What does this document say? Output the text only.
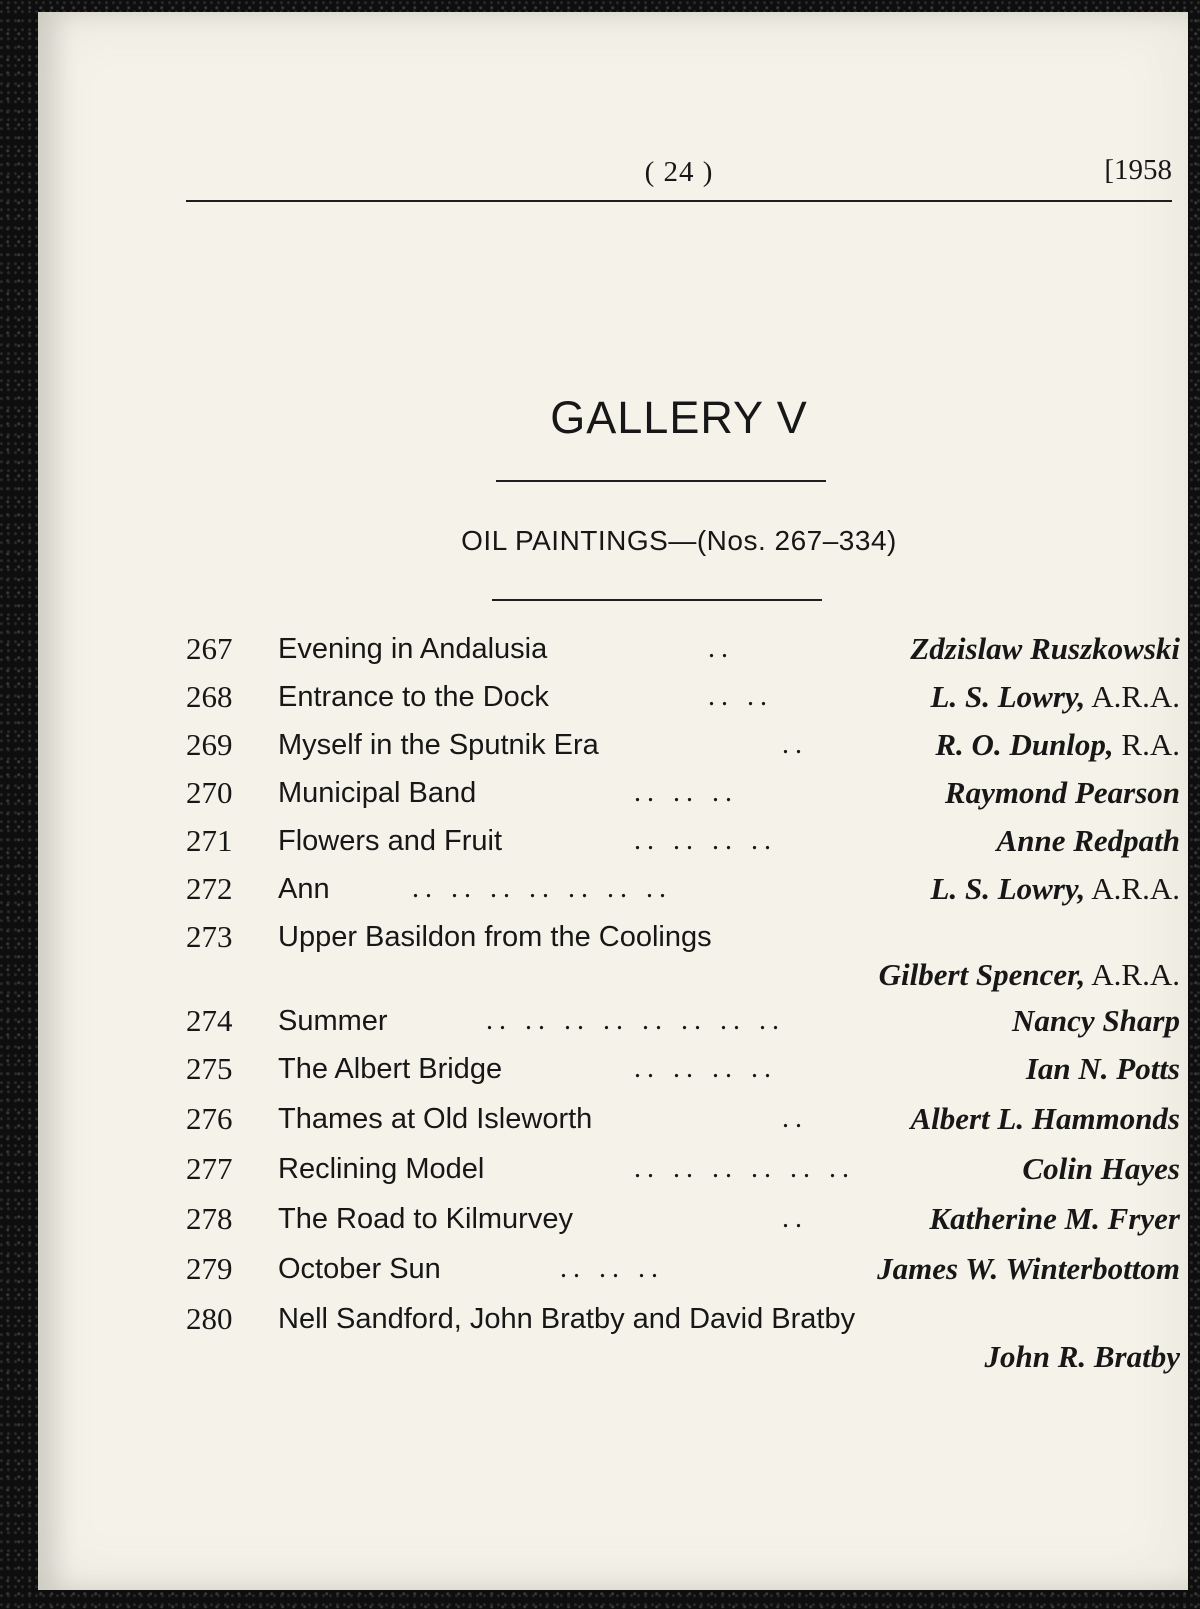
( 24 )	[1958
GALLERY V
OIL PAINTINGS—(Nos. 267–334)
267	Evening in Andalusia	..	Zdzislaw Ruszkowski
268	Entrance to the Dock	.. ..	L. S. Lowry, A.R.A.
269	Myself in the Sputnik Era	..	R. O. Dunlop, R.A.
270	Municipal Band	.. .. ..	Raymond Pearson
271	Flowers and Fruit	.. .. .. ..	Anne Redpath
272	Ann	.. .. .. .. .. .. ..	L. S. Lowry, A.R.A.
273	Upper Basildon from the Coolings
Gilbert Spencer, A.R.A.
274	Summer	.. .. .. .. .. .. .. ..	Nancy Sharp
275	The Albert Bridge	.. .. .. ..	Ian N. Potts
276	Thames at Old Isleworth	..	Albert L. Hammonds
277	Reclining Model	.. .. .. .. .. ..	Colin Hayes
278	The Road to Kilmurvey	..	Katherine M. Fryer
279	October Sun	.. .. ..	James W. Winterbottom
280	Nell Sandford, John Bratby and David Bratby
John R. Bratby
